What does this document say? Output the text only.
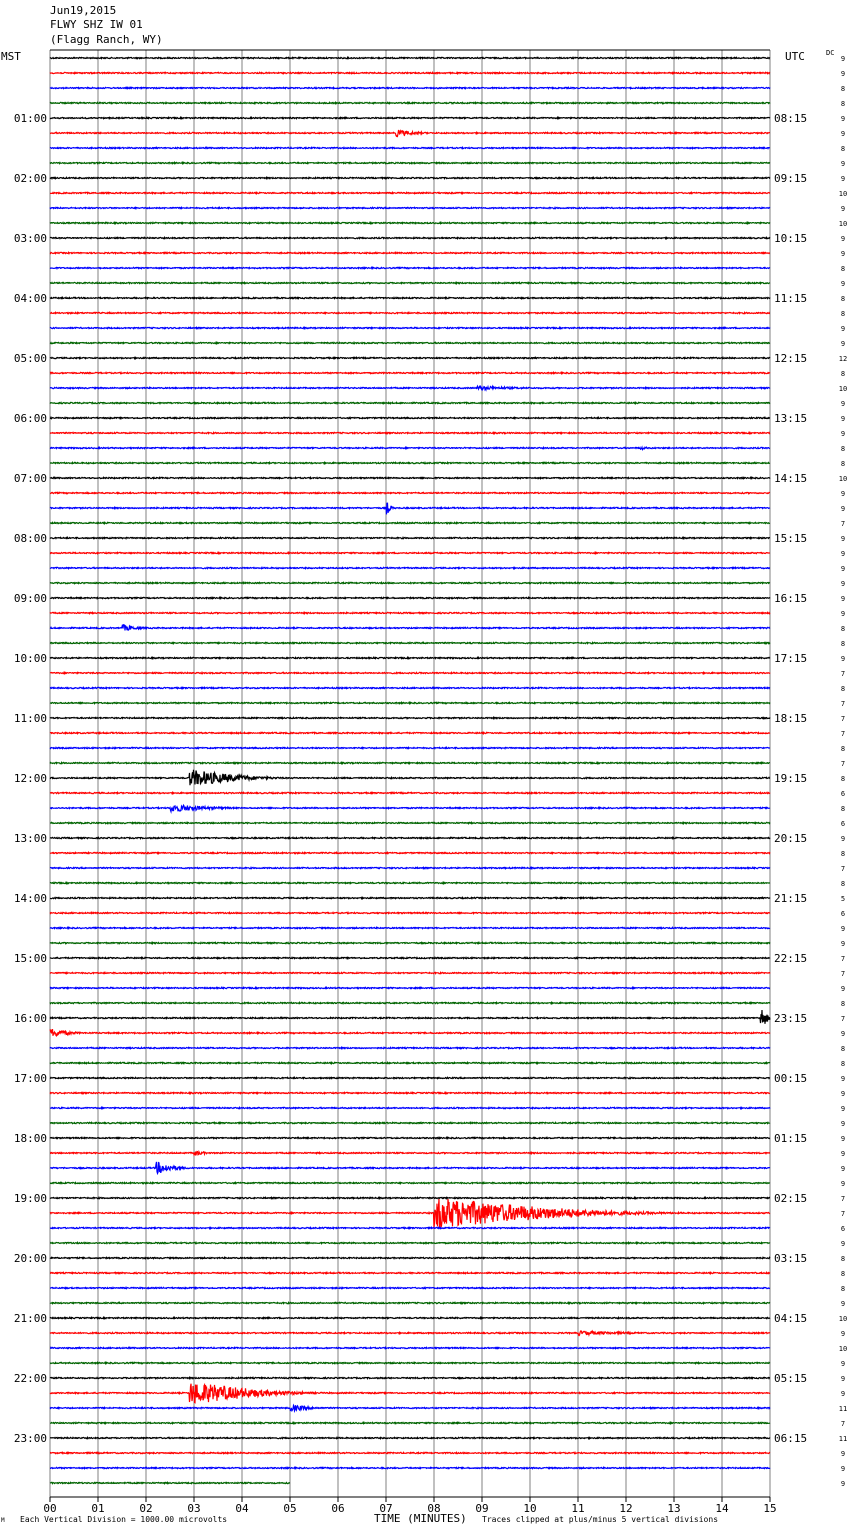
Jun19,2015
FLWY SHZ IW 01
(Flagg Ranch, WY)
MST	UTC	DC
00	01	02	03	04	05	06	07	08	09	10	11	12	13	14	15
9
9
8
8
9
9
8
9
9
10
9
10
9
9
8
9
8
8
9
9
12
8
10
9
9
9
8
8
10
9
9
7
9
9
9
9
9
9
8
8
9
7
8
7
7
7
8
7
8
6
8
6
9
8
7
8
5
6
9
9
7
7
9
8
7
9
8
8
9
9
9
9
9
9
9
9
7
7
6
9
8
8
8
9
10
9
10
9
9
9
11
7
11
9
9
9
01:00
02:00
03:00
04:00
05:00
06:00
07:00
08:00
09:00
10:00
11:00
12:00
13:00
14:00
15:00
16:00
17:00
18:00
19:00
20:00
21:00
22:00
23:00
08:15
09:15
10:15
11:15
12:15
13:15
14:15
15:15
16:15
17:15
18:15
19:15
20:15
21:15
22:15
23:15
00:15
01:15
02:15
03:15
04:15
05:15
06:15
TIME (MINUTES)
M Each Vertical Division = 1000.00 microvolts	Traces clipped at plus/minus 5 vertical divisions
